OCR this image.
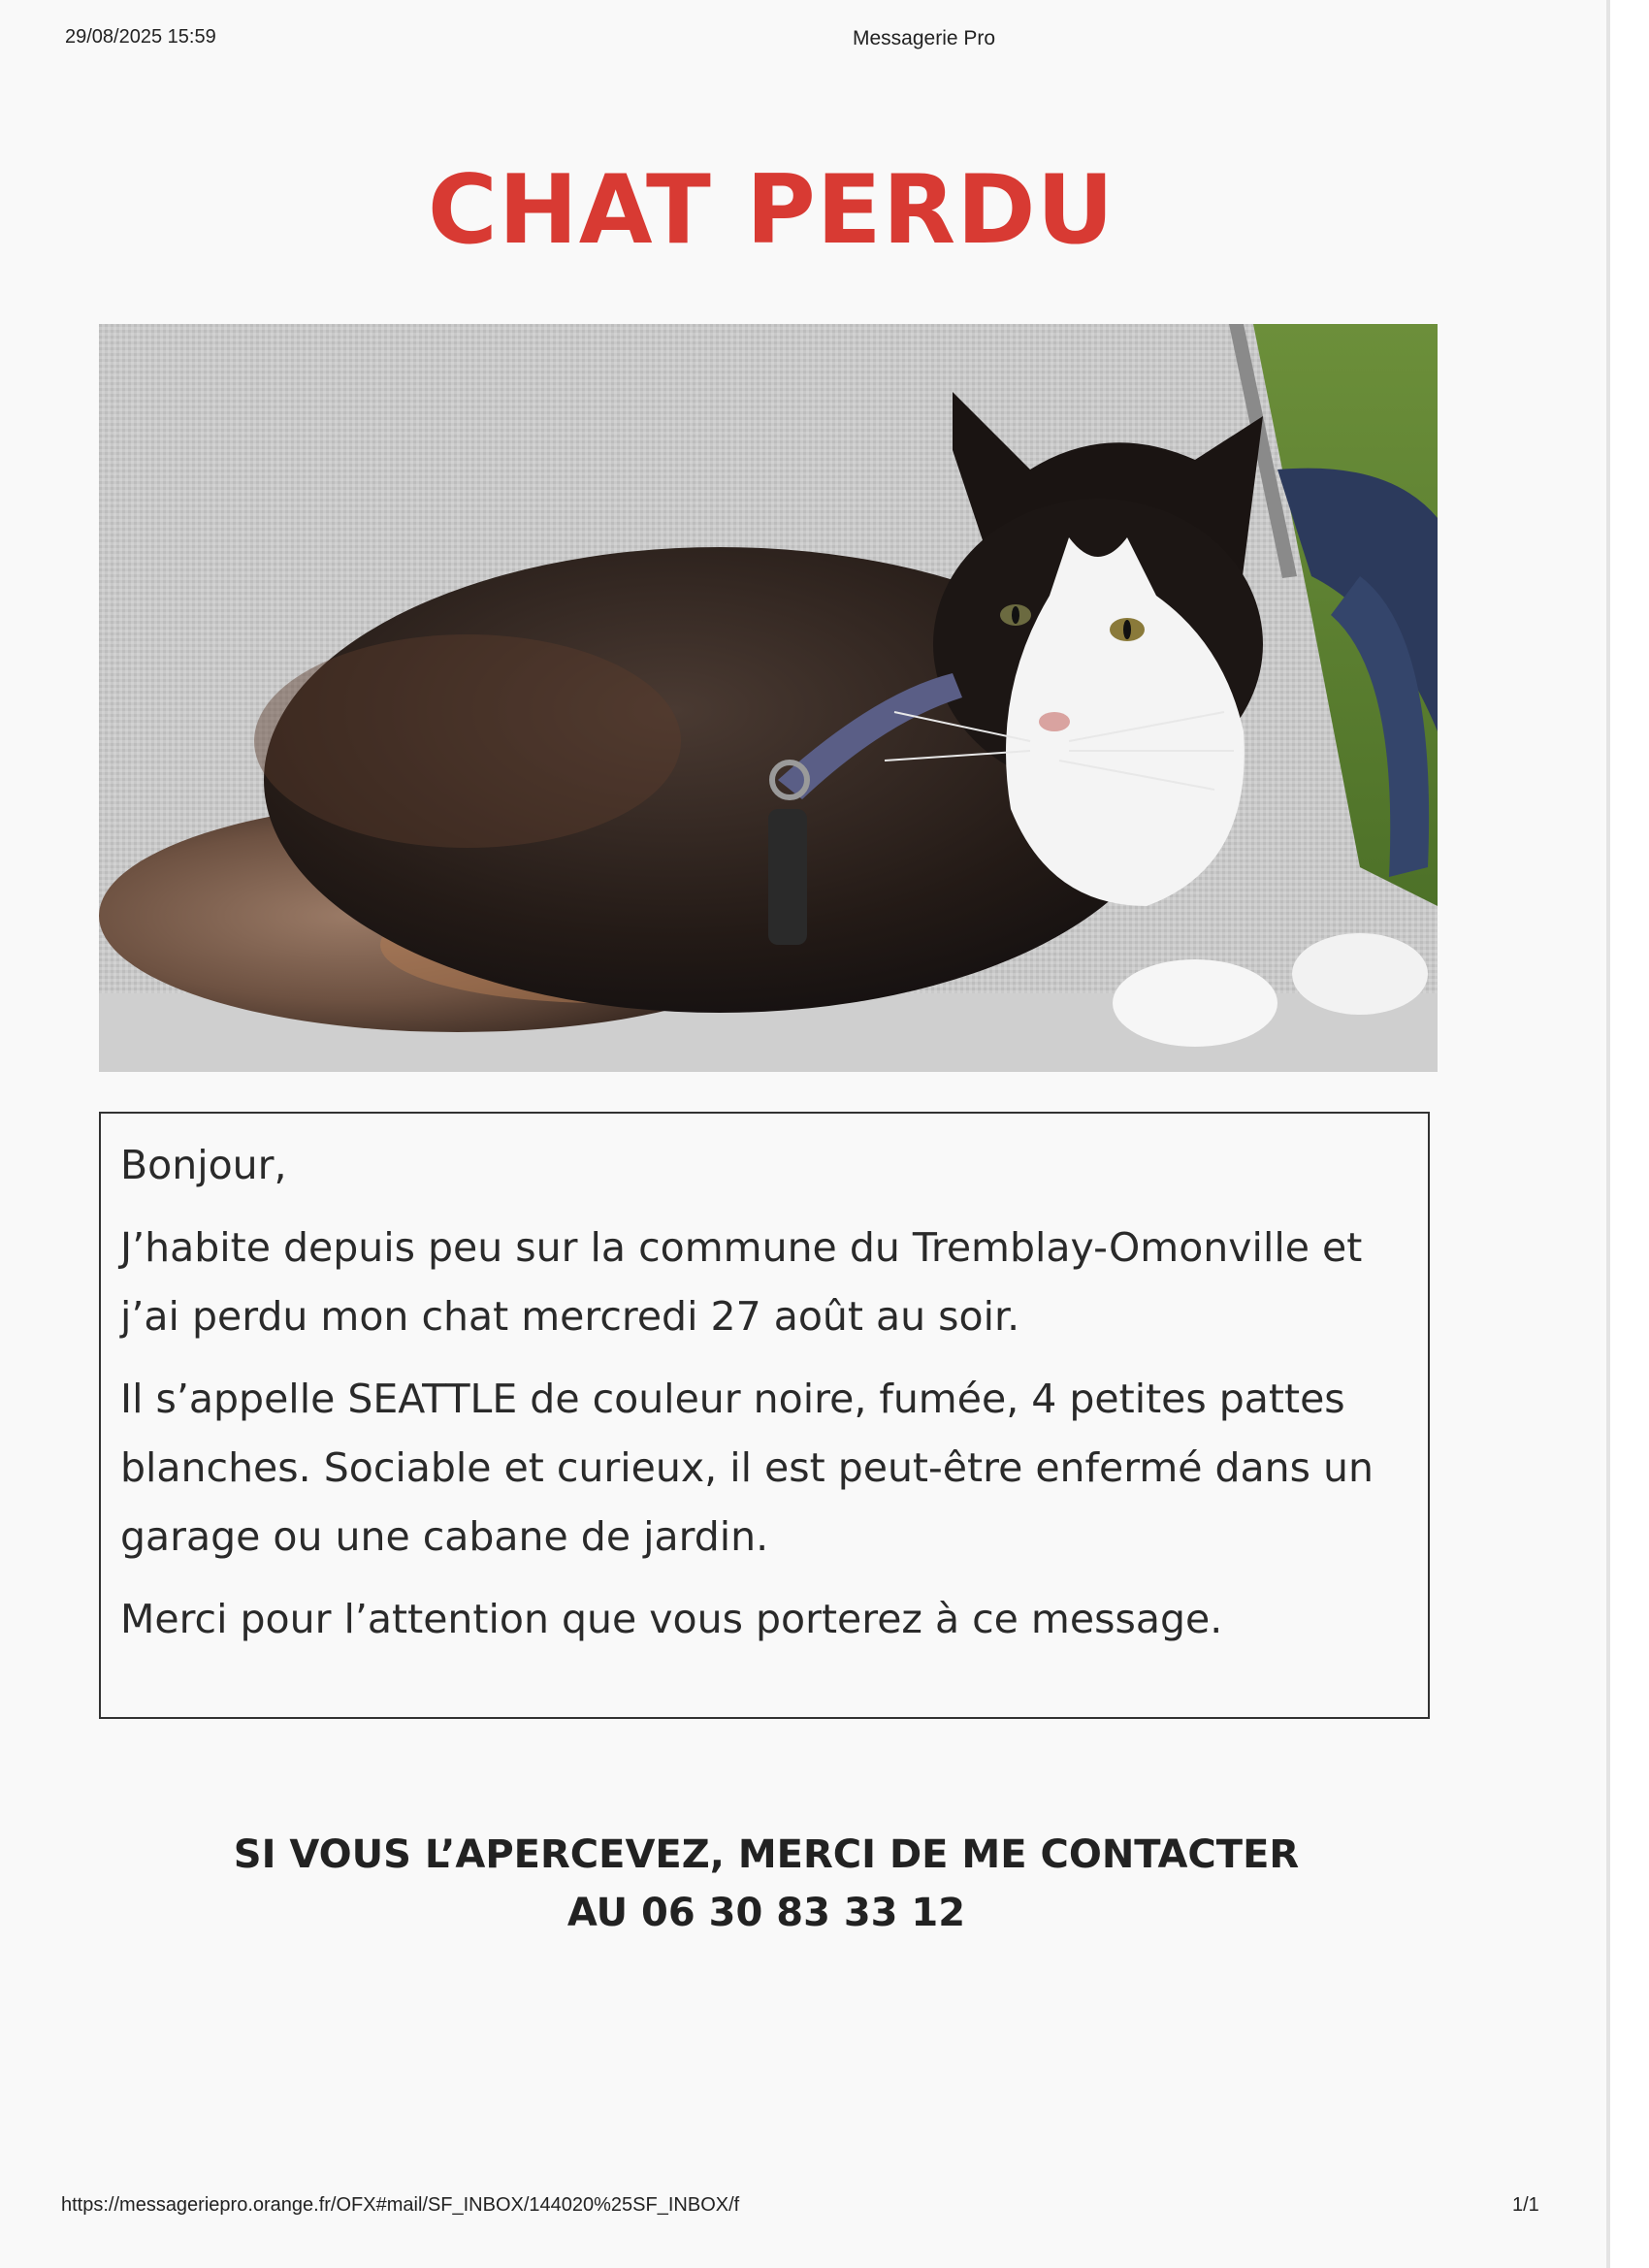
29/08/2025 15:59	Messagerie Pro
CHAT PERDU

Bonjour,

J’habite depuis peu sur la commune du Tremblay-Omonville et j’ai perdu mon chat mercredi 27 août au soir.

Il s’appelle SEATTLE de couleur noire, fumée, 4 petites pattes blanches. Sociable et curieux, il est peut-être enfermé dans un garage ou une cabane de jardin.

Merci pour l’attention que vous porterez à ce message.

SI VOUS L’APERCEVEZ, MERCI DE ME CONTACTER
AU 06 30 83 33 12
https://messageriepro.orange.fr/OFX#mail/SF_INBOX/144020%25SF_INBOX/f	1/1
